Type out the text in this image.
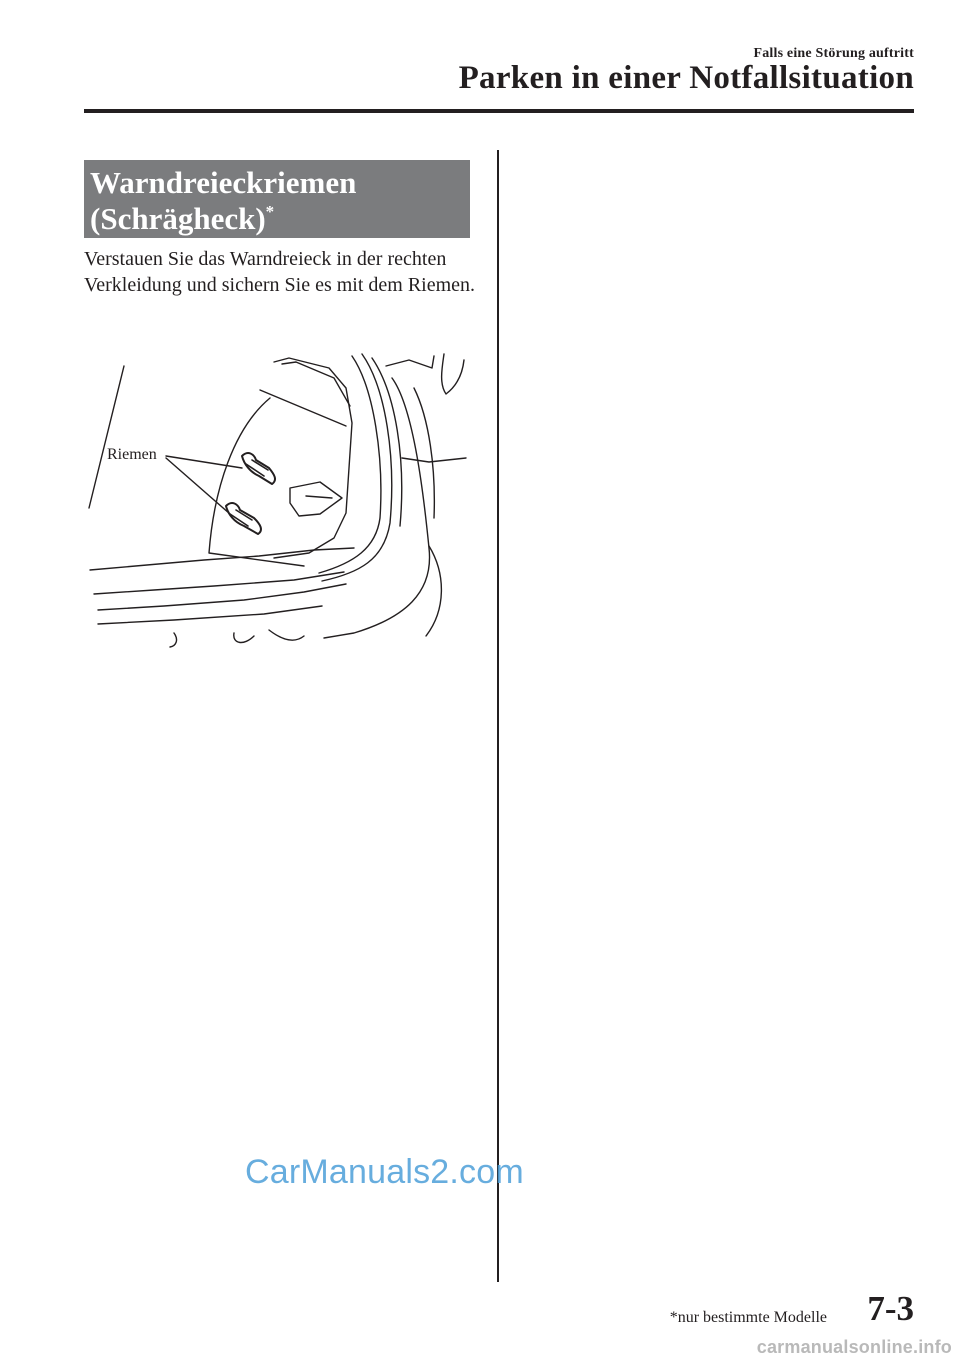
Falls eine Störung auftritt
Parken in einer Notfallsituation
Warndreieckriemen
(Schrägheck)*

Verstauen Sie das Warndreieck in der rechten Verkleidung und sichern Sie es mit dem Riemen.

Riemen
CarManuals2.com
*nur bestimmte Modelle 7-3
carmanualsonline.info
